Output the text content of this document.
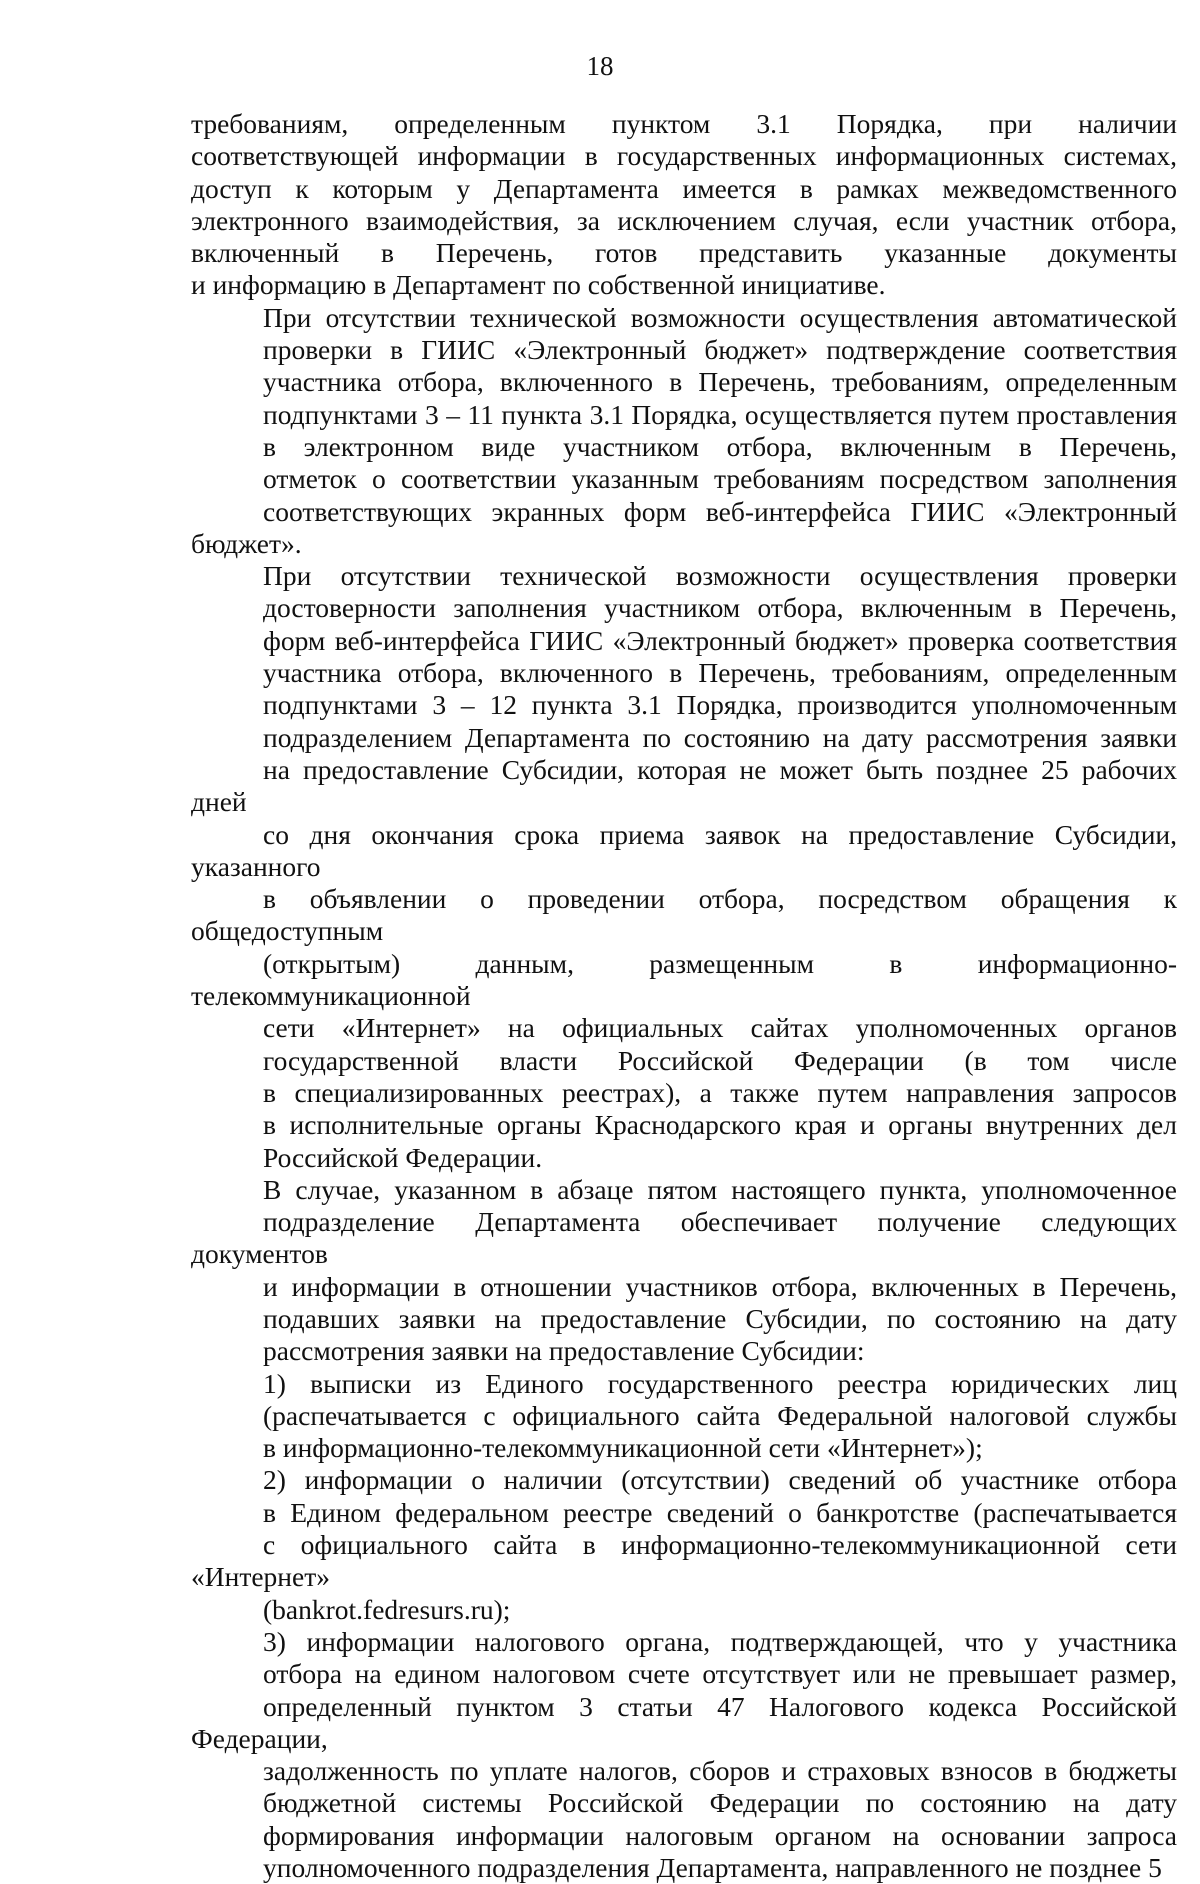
18

требованиям, определенным пунктом 3.1 Порядка, при наличии
соответствующей информации в государственных информационных системах,
доступ к которым у Департамента имеется в рамках межведомственного
электронного взаимодействия, за исключением случая, если участник отбора,
включенный в Перечень, готов представить указанные документы
и информацию в Департамент по собственной инициативе.

При отсутствии технической возможности осуществления автоматической
проверки в ГИИС «Электронный бюджет» подтверждение соответствия
участника отбора, включенного в Перечень, требованиям, определенным
подпунктами 3 – 11 пункта 3.1 Порядка, осуществляется путем проставления
в электронном виде участником отбора, включенным в Перечень,
отметок о соответствии указанным требованиям посредством заполнения
соответствующих экранных форм веб-интерфейса ГИИС «Электронный бюджет».

При отсутствии технической возможности осуществления проверки
достоверности заполнения участником отбора, включенным в Перечень,
форм веб-интерфейса ГИИС «Электронный бюджет» проверка соответствия
участника отбора, включенного в Перечень, требованиям, определенным
подпунктами 3 – 12 пункта 3.1 Порядка, производится уполномоченным
подразделением Департамента по состоянию на дату рассмотрения заявки
на предоставление Субсидии, которая не может быть позднее 25 рабочих дней
со дня окончания срока приема заявок на предоставление Субсидии, указанного
в объявлении о проведении отбора, посредством обращения к общедоступным
(открытым) данным, размещенным в информационно-телекоммуникационной
сети «Интернет» на официальных сайтах уполномоченных органов
государственной власти Российской Федерации (в том числе
в специализированных реестрах), а также путем направления запросов
в исполнительные органы Краснодарского края и органы внутренних дел
Российской Федерации.

В случае, указанном в абзаце пятом настоящего пункта, уполномоченное
подразделение Департамента обеспечивает получение следующих документов
и информации в отношении участников отбора, включенных в Перечень,
подавших заявки на предоставление Субсидии, по состоянию на дату
рассмотрения заявки на предоставление Субсидии:

1) выписки из Единого государственного реестра юридических лиц
(распечатывается с официального сайта Федеральной налоговой службы
в информационно-телекоммуникационной сети «Интернет»);

2) информации о наличии (отсутствии) сведений об участнике отбора
в Едином федеральном реестре сведений о банкротстве (распечатывается
с официального сайта в информационно-телекоммуникационной сети «Интернет»
(bankrot.fedresurs.ru);

3) информации налогового органа, подтверждающей, что у участника
отбора на едином налоговом счете отсутствует или не превышает размер,
определенный пунктом 3 статьи 47 Налогового кодекса Российской Федерации,
задолженность по уплате налогов, сборов и страховых взносов в бюджеты
бюджетной системы Российской Федерации по состоянию на дату
формирования информации налоговым органом на основании запроса
уполномоченного подразделения Департамента, направленного не позднее 5
